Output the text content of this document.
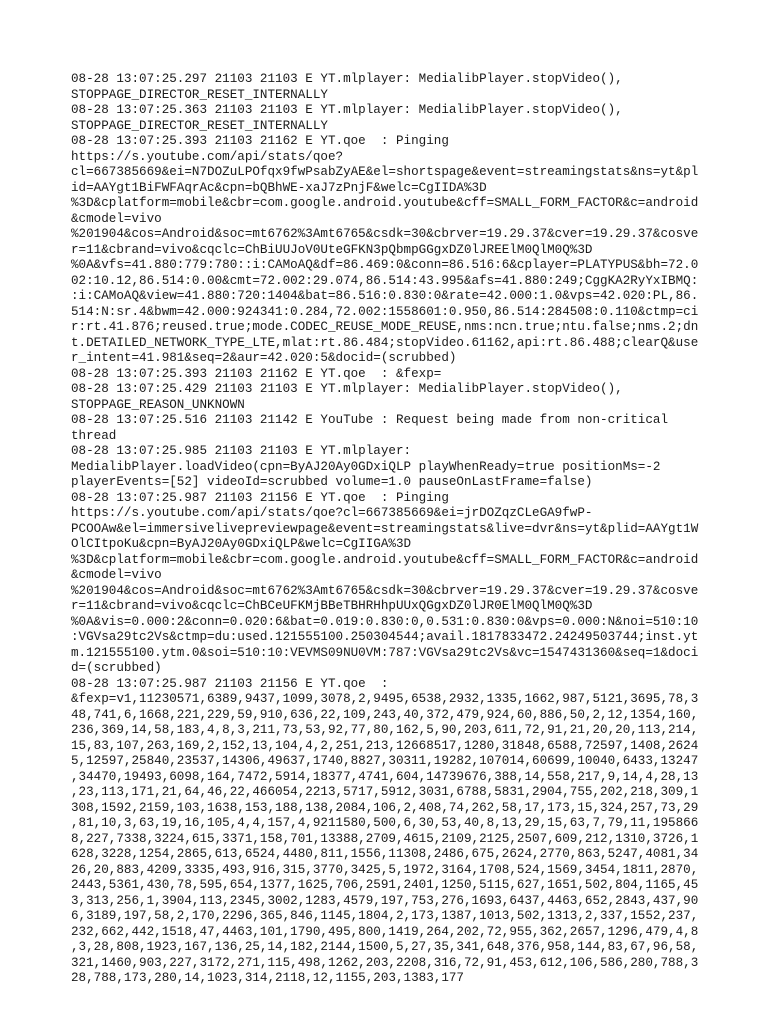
08-28 13:07:25.297 21103 21103 E YT.mlplayer: MedialibPlayer.stopVideo(),
STOPPAGE_DIRECTOR_RESET_INTERNALLY
08-28 13:07:25.363 21103 21103 E YT.mlplayer: MedialibPlayer.stopVideo(),
STOPPAGE_DIRECTOR_RESET_INTERNALLY
08-28 13:07:25.393 21103 21162 E YT.qoe  : Pinging
https://s.youtube.com/api/stats/qoe?
cl=667385669&ei=N7DOZuLPOfqx9fwPsabZyAE&el=shortspage&event=streamingstats&ns=yt&pl
id=AAYgt1BiFWFAqrAc&cpn=bQBhWE-xaJ7zPnjF&welc=CgIIDA%3D
%3D&cplatform=mobile&cbr=com.google.android.youtube&cff=SMALL_FORM_FACTOR&c=android
&cmodel=vivo
%201904&cos=Android&soc=mt6762%3Amt6765&csdk=30&cbrver=19.29.37&cver=19.29.37&cosve
r=11&cbrand=vivo&cqclc=ChBiUUJoV0UteGFKN3pQbmpGGgxDZ0lJREElM0QlM0Q%3D
%0A&vfs=41.880:779:780::i:CAMoAQ&df=86.469:0&conn=86.516:6&cplayer=PLATYPUS&bh=72.0
02:10.12,86.514:0.00&cmt=72.002:29.074,86.514:43.995&afs=41.880:249;CggKA2RyYxIBMQ:
:i:CAMoAQ&view=41.880:720:1404&bat=86.516:0.830:0&rate=42.000:1.0&vps=42.020:PL,86.
514:N:sr.4&bwm=42.000:924341:0.284,72.002:1558601:0.950,86.514:284508:0.110&ctmp=ci
r:rt.41.876;reused.true;mode.CODEC_REUSE_MODE_REUSE,nms:ncn.true;ntu.false;nms.2;dn
t.DETAILED_NETWORK_TYPE_LTE,mlat:rt.86.484;stopVideo.61162,api:rt.86.488;clearQ&use
r_intent=41.981&seq=2&aur=42.020:5&docid=(scrubbed)
08-28 13:07:25.393 21103 21162 E YT.qoe  : &fexp=
08-28 13:07:25.429 21103 21103 E YT.mlplayer: MedialibPlayer.stopVideo(),
STOPPAGE_REASON_UNKNOWN
08-28 13:07:25.516 21103 21142 E YouTube : Request being made from non-critical
thread
08-28 13:07:25.985 21103 21103 E YT.mlplayer:
MedialibPlayer.loadVideo(cpn=ByAJ20Ay0GDxiQLP playWhenReady=true positionMs=-2
playerEvents=[52] videoId=scrubbed volume=1.0 pauseOnLastFrame=false)
08-28 13:07:25.987 21103 21156 E YT.qoe  : Pinging
https://s.youtube.com/api/stats/qoe?cl=667385669&ei=jrDOZqzCLeGA9fwP-
PCOOAw&el=immersivelivepreviewpage&event=streamingstats&live=dvr&ns=yt&plid=AAYgt1W
OlCItpoKu&cpn=ByAJ20Ay0GDxiQLP&welc=CgIIGA%3D
%3D&cplatform=mobile&cbr=com.google.android.youtube&cff=SMALL_FORM_FACTOR&c=android
&cmodel=vivo
%201904&cos=Android&soc=mt6762%3Amt6765&csdk=30&cbrver=19.29.37&cver=19.29.37&cosve
r=11&cbrand=vivo&cqclc=ChBCeUFKMjBBeTBHRHhpUUxQGgxDZ0lJR0ElM0QlM0Q%3D
%0A&vis=0.000:2&conn=0.020:6&bat=0.019:0.830:0,0.531:0.830:0&vps=0.000:N&noi=510:10
:VGVsa29tc2Vs&ctmp=du:used.121555100.250304544;avail.1817833472.24249503744;inst.yt
m.121555100.ytm.0&soi=510:10:VEVMS09NU0VM:787:VGVsa29tc2Vs&vc=1547431360&seq=1&doci
d=(scrubbed)
08-28 13:07:25.987 21103 21156 E YT.qoe  :
&fexp=v1,11230571,6389,9437,1099,3078,2,9495,6538,2932,1335,1662,987,5121,3695,78,3
48,741,6,1668,221,229,59,910,636,22,109,243,40,372,479,924,60,886,50,2,12,1354,160,
236,369,14,58,183,4,8,3,211,73,53,92,77,80,162,5,90,203,611,72,91,21,20,20,113,214,
15,83,107,263,169,2,152,13,104,4,2,251,213,12668517,1280,31848,6588,72597,1408,2624
5,12597,25840,23537,14306,49637,1740,8827,30311,19282,107014,60699,10040,6433,13247
,34470,19493,6098,164,7472,5914,18377,4741,604,14739676,388,14,558,217,9,14,4,28,13
,23,113,171,21,64,46,22,466054,2213,5717,5912,3031,6788,5831,2904,755,202,218,309,1
308,1592,2159,103,1638,153,188,138,2084,106,2,408,74,262,58,17,173,15,324,257,73,29
,81,10,3,63,19,16,105,4,4,157,4,9211580,500,6,30,53,40,8,13,29,15,63,7,79,11,195866
8,227,7338,3224,615,3371,158,701,13388,2709,4615,2109,2125,2507,609,212,1310,3726,1
628,3228,1254,2865,613,6524,4480,811,1556,11308,2486,675,2624,2770,863,5247,4081,34
26,20,883,4209,3335,493,916,315,3770,3425,5,1972,3164,1708,524,1569,3454,1811,2870,
2443,5361,430,78,595,654,1377,1625,706,2591,2401,1250,5115,627,1651,502,804,1165,45
3,313,256,1,3904,113,2345,3002,1283,4579,197,753,276,1693,6437,4463,652,2843,437,90
6,3189,197,58,2,170,2296,365,846,1145,1804,2,173,1387,1013,502,1313,2,337,1552,237,
232,662,442,1518,47,4463,101,1790,495,800,1419,264,202,72,955,362,2657,1296,479,4,8
,3,28,808,1923,167,136,25,14,182,2144,1500,5,27,35,341,648,376,958,144,83,67,96,58,
321,1460,903,227,3172,271,115,498,1262,203,2208,316,72,91,453,612,106,586,280,788,3
28,788,173,280,14,1023,314,2118,12,1155,203,1383,177
